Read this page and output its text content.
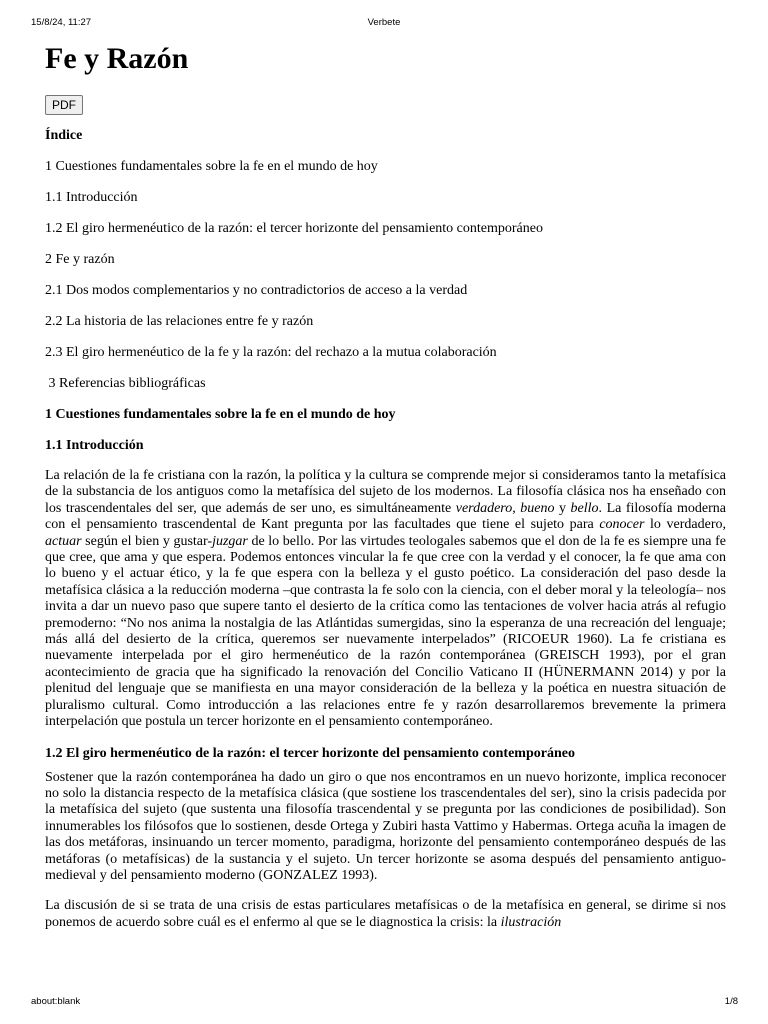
15/8/24, 11:27	Verbete
Fe y Razón
PDF

Índice

1 Cuestiones fundamentales sobre la fe en el mundo de hoy

1.1 Introducción

1.2 El giro hermenéutico de la razón: el tercer horizonte del pensamiento contemporáneo

2 Fe y razón

2.1 Dos modos complementarios y no contradictorios de acceso a la verdad

2.2 La historia de las relaciones entre fe y razón

2.3 El giro hermenéutico de la fe y la razón: del rechazo a la mutua colaboración

3 Referencias bibliográficas

1 Cuestiones fundamentales sobre la fe en el mundo de hoy

1.1 Introducción

La relación de la fe cristiana con la razón, la política y la cultura se comprende mejor si consideramos tanto la metafísica de la substancia de los antiguos como la metafísica del sujeto de los modernos. La filosofía clásica nos ha enseñado con los trascendentales del ser, que además de ser uno, es simultáneamente verdadero, bueno y bello. La filosofía moderna con el pensamiento trascendental de Kant pregunta por las facultades que tiene el sujeto para conocer lo verdadero, actuar según el bien y gustar-juzgar de lo bello. Por las virtudes teologales sabemos que el don de la fe es siempre una fe que cree, que ama y que espera. Podemos entonces vincular la fe que cree con la verdad y el conocer, la fe que ama con lo bueno y el actuar ético, y la fe que espera con la belleza y el gusto poético. La consideración del paso desde la metafísica clásica a la reducción moderna –que contrasta la fe solo con la ciencia, con el deber moral y la teleología– nos invita a dar un nuevo paso que supere tanto el desierto de la crítica como las tentaciones de volver hacia atrás al refugio premoderno: “No nos anima la nostalgia de las Atlántidas sumergidas, sino la esperanza de una recreación del lenguaje; más allá del desierto de la crítica, queremos ser nuevamente interpelados” (RICOEUR 1960). La fe cristiana es nuevamente interpelada por el giro hermenéutico de la razón contemporánea (GREISCH 1993), por el gran acontecimiento de gracia que ha significado la renovación del Concilio Vaticano II (HÜNERMANN 2014) y por la plenitud del lenguaje que se manifiesta en una mayor consideración de la belleza y la poética en nuestra situación de pluralismo cultural. Como introducción a las relaciones entre fe y razón desarrollaremos brevemente la primera interpelación que postula un tercer horizonte en el pensamiento contemporáneo.

1.2 El giro hermenéutico de la razón: el tercer horizonte del pensamiento contemporáneo

Sostener que la razón contemporánea ha dado un giro o que nos encontramos en un nuevo horizonte, implica reconocer no solo la distancia respecto de la metafísica clásica (que sostiene los trascendentales del ser), sino la crisis padecida por la metafísica del sujeto (que sustenta una filosofía trascendental y se pregunta por las condiciones de posibilidad). Son innumerables los filósofos que lo sostienen, desde Ortega y Zubiri hasta Vattimo y Habermas. Ortega acuña la imagen de las dos metáforas, insinuando un tercer momento, paradigma, horizonte del pensamiento contemporáneo después de las metáforas (o metafísicas) de la sustancia y el sujeto. Un tercer horizonte se asoma después del pensamiento antiguo-medieval y del pensamiento moderno (GONZALEZ 1993).

La discusión de si se trata de una crisis de estas particulares metafísicas o de la metafísica en general, se dirime si nos ponemos de acuerdo sobre cuál es el enfermo al que se le diagnostica la crisis: la ilustración

about:blank	1/8
